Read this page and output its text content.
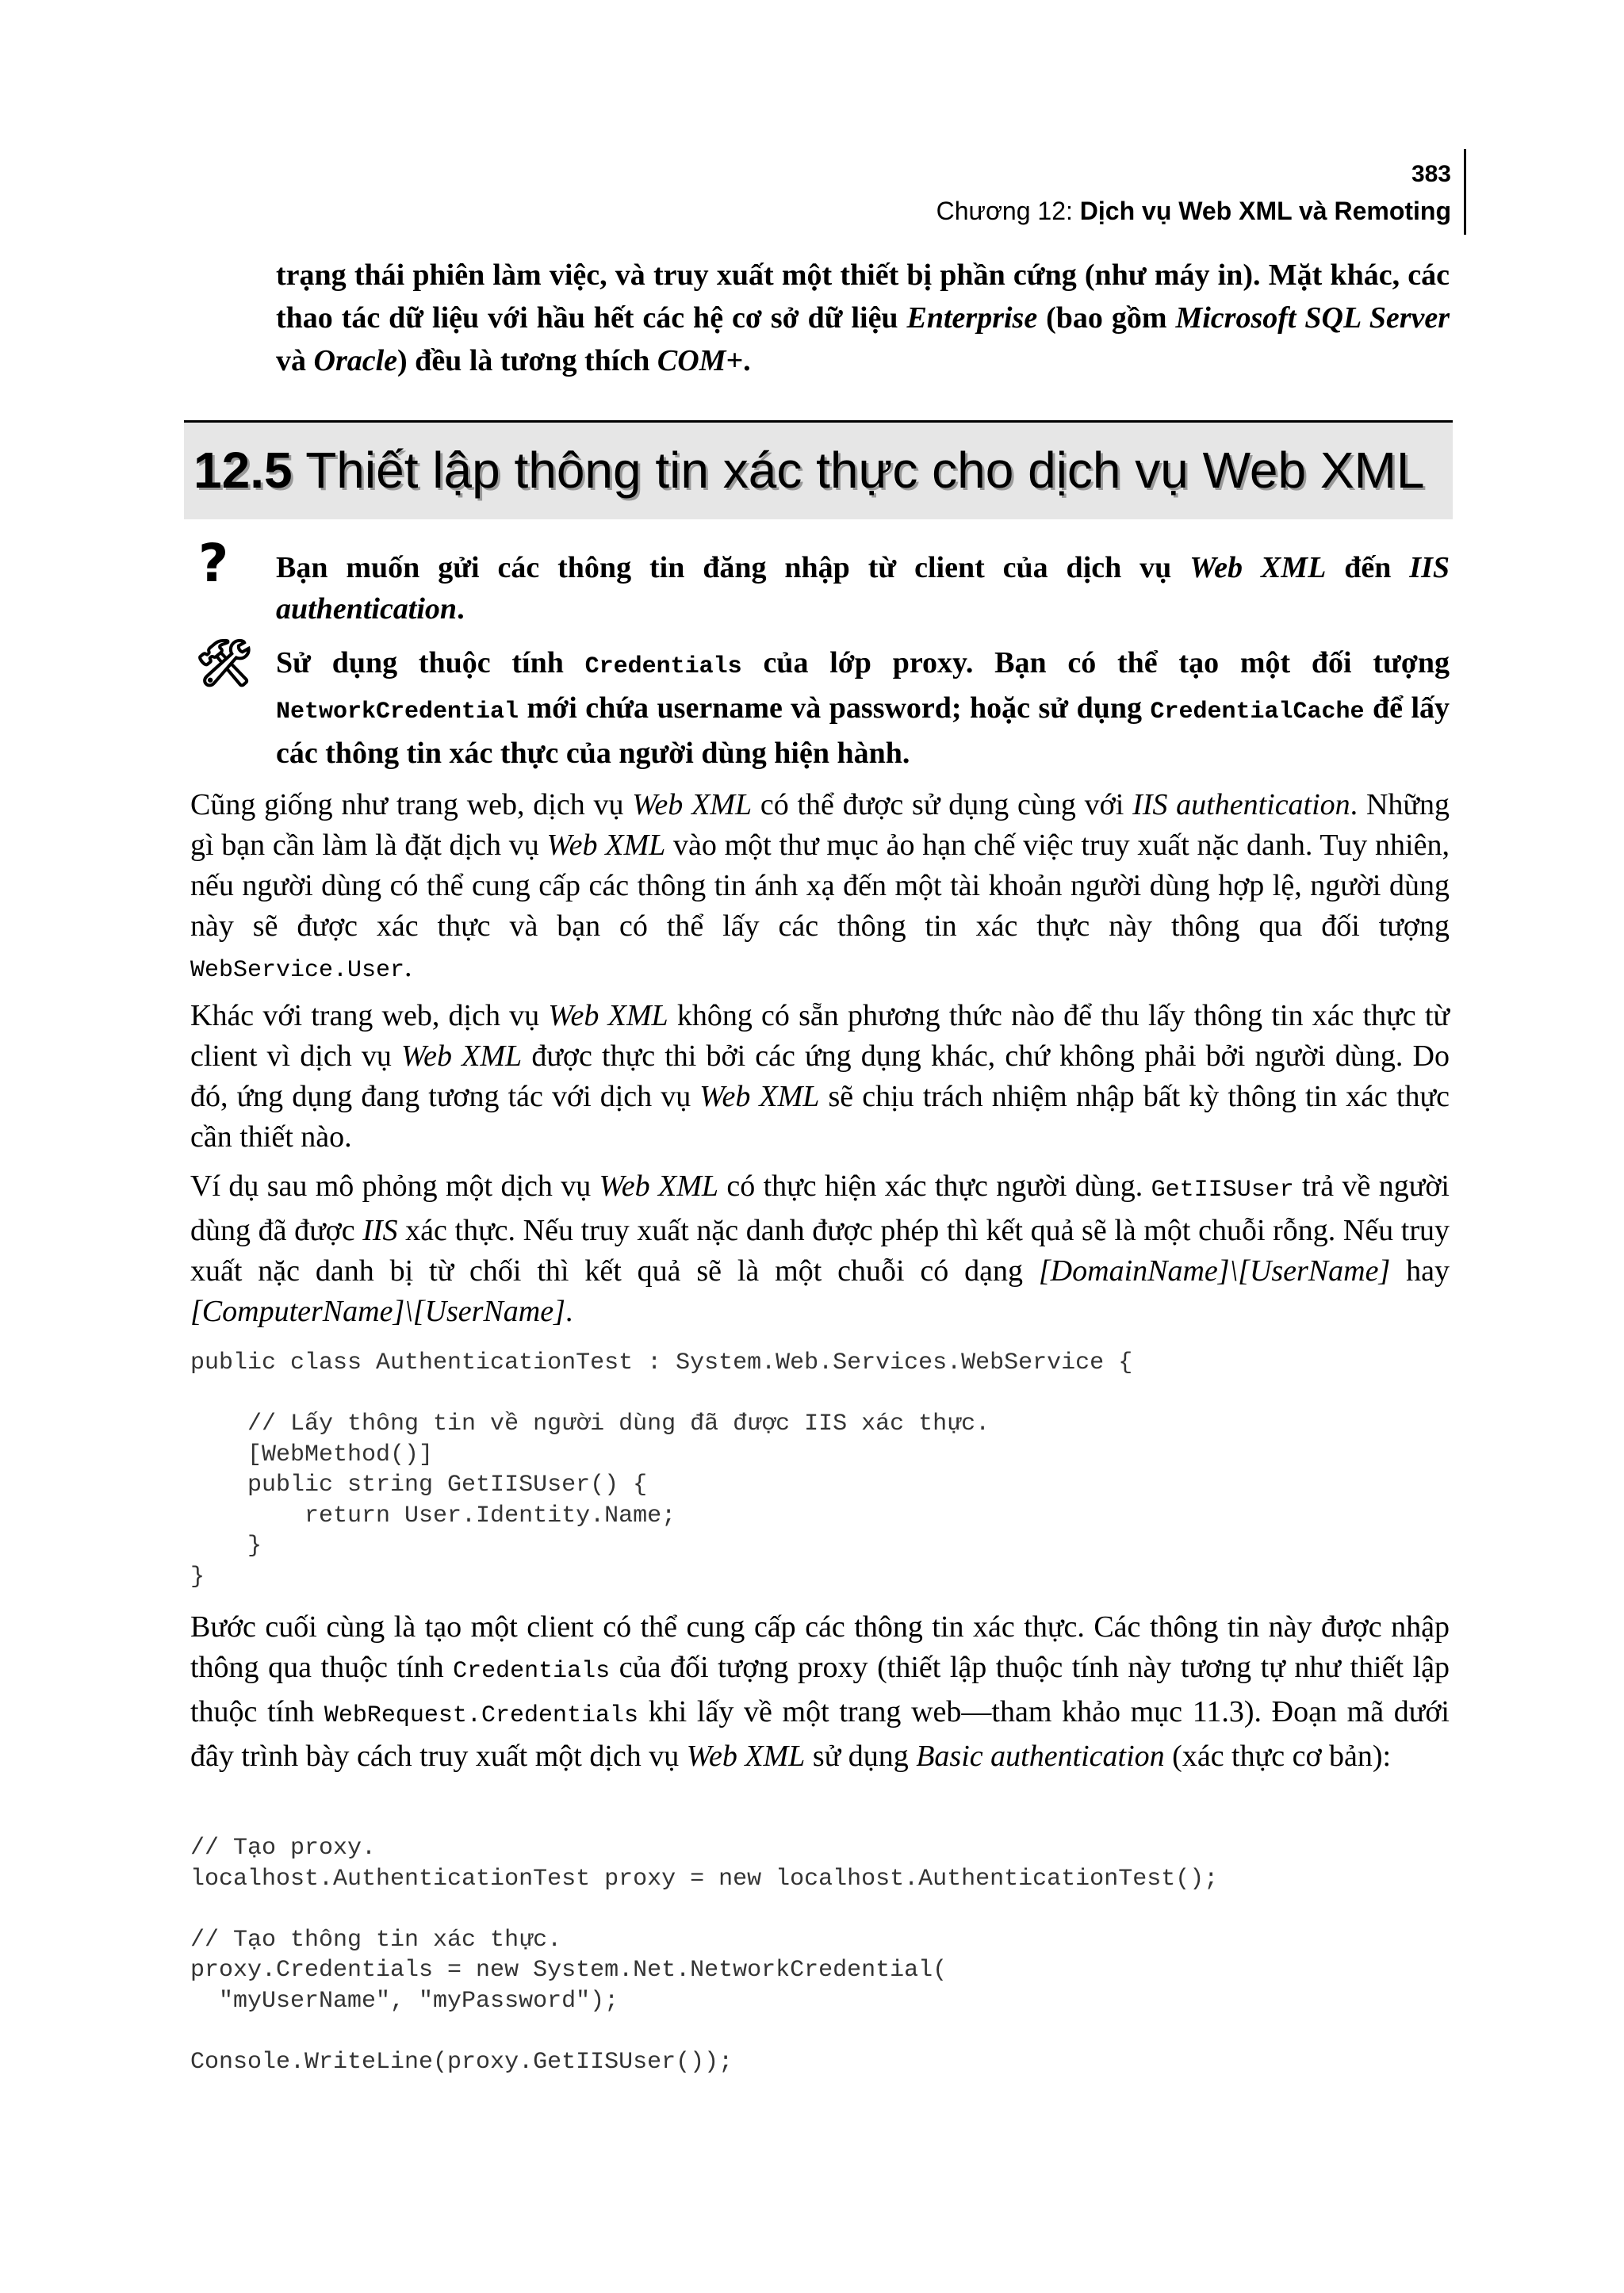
383
Chương 12: Dịch vụ Web XML và Remoting
trạng thái phiên làm việc, và truy xuất một thiết bị phần cứng (như máy in). Mặt khác, các thao tác dữ liệu với hầu hết các hệ cơ sở dữ liệu Enterprise (bao gồm Microsoft SQL Server và Oracle) đều là tương thích COM+.
12.5 Thiết lập thông tin xác thực cho dịch vụ Web XML
? Bạn muốn gửi các thông tin đăng nhập từ client của dịch vụ Web XML đến IIS authentication.
🛠 Sử dụng thuộc tính Credentials của lớp proxy. Bạn có thể tạo một đối tượng NetworkCredential mới chứa username và password; hoặc sử dụng CredentialCache để lấy các thông tin xác thực của người dùng hiện hành.
Cũng giống như trang web, dịch vụ Web XML có thể được sử dụng cùng với IIS authentication. Những gì bạn cần làm là đặt dịch vụ Web XML vào một thư mục ảo hạn chế việc truy xuất nặc danh. Tuy nhiên, nếu người dùng có thể cung cấp các thông tin ánh xạ đến một tài khoản người dùng hợp lệ, người dùng này sẽ được xác thực và bạn có thể lấy các thông tin xác thực này thông qua đối tượng WebService.User.
Khác với trang web, dịch vụ Web XML không có sẵn phương thức nào để thu lấy thông tin xác thực từ client vì dịch vụ Web XML được thực thi bởi các ứng dụng khác, chứ không phải bởi người dùng. Do đó, ứng dụng đang tương tác với dịch vụ Web XML sẽ chịu trách nhiệm nhập bất kỳ thông tin xác thực cần thiết nào.
Ví dụ sau mô phỏng một dịch vụ Web XML có thực hiện xác thực người dùng. GetIISUser trả về người dùng đã được IIS xác thực. Nếu truy xuất nặc danh được phép thì kết quả sẽ là một chuỗi rỗng. Nếu truy xuất nặc danh bị từ chối thì kết quả sẽ là một chuỗi có dạng [DomainName]\[UserName] hay [ComputerName]\[UserName].
public class AuthenticationTest : System.Web.Services.WebService {

// Lấy thông tin về người dùng đã được IIS xác thực.
[WebMethod()]
public string GetIISUser() {
return User.Identity.Name;
}
}
Bước cuối cùng là tạo một client có thể cung cấp các thông tin xác thực. Các thông tin này được nhập thông qua thuộc tính Credentials của đối tượng proxy (thiết lập thuộc tính này tương tự như thiết lập thuộc tính WebRequest.Credentials khi lấy về một trang web—tham khảo mục 11.3). Đoạn mã dưới đây trình bày cách truy xuất một dịch vụ Web XML sử dụng Basic authentication (xác thực cơ bản):
// Tạo proxy.
localhost.AuthenticationTest proxy = new localhost.AuthenticationTest();

// Tạo thông tin xác thực.
proxy.Credentials = new System.Net.NetworkCredential(
"myUserName", "myPassword");

Console.WriteLine(proxy.GetIISUser());
